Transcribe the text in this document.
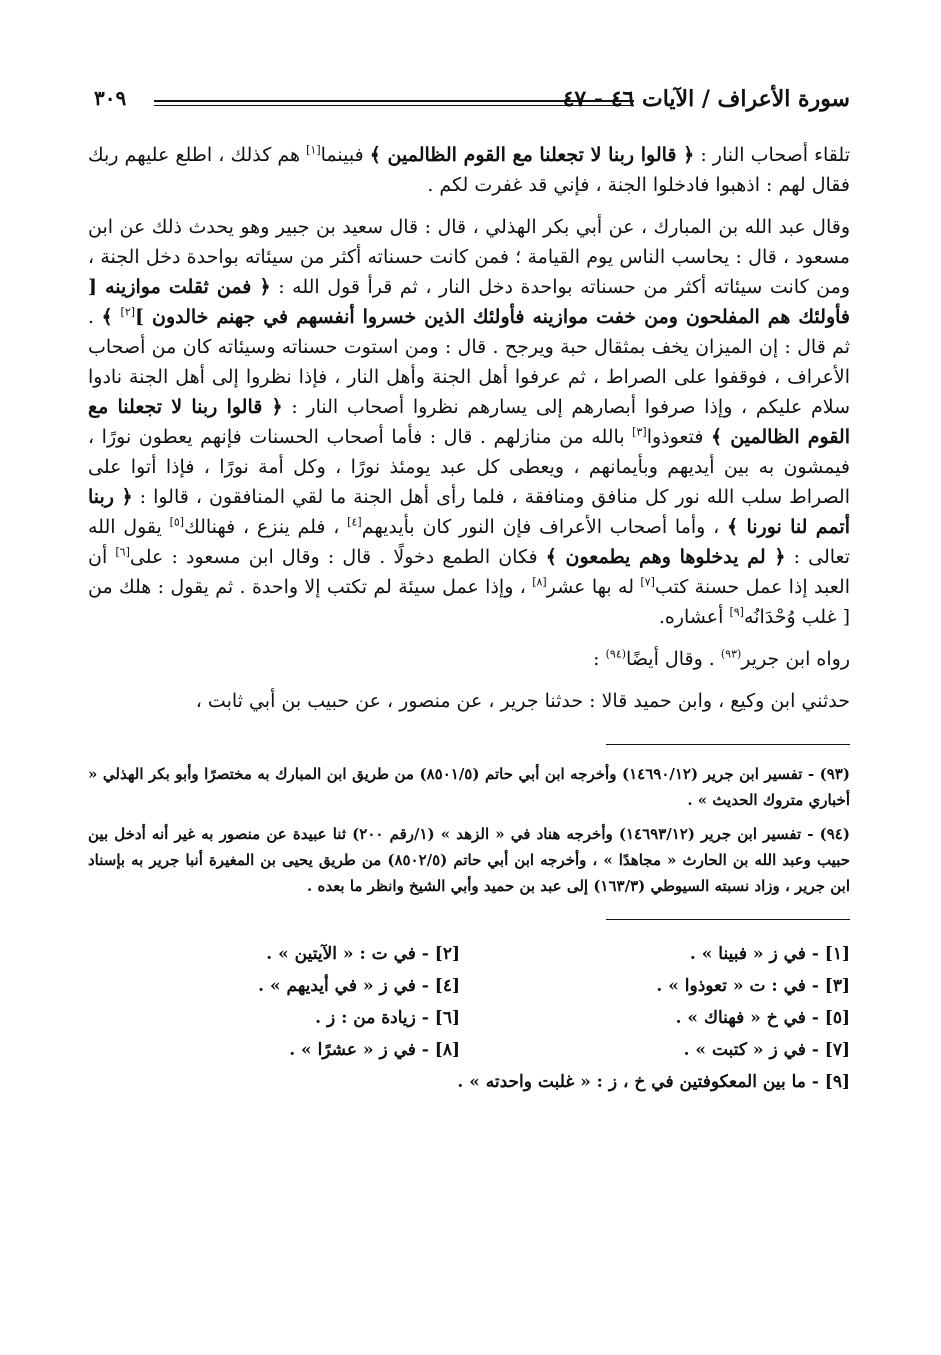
سورة الأعراف / الآيات ٤٦ - ٤٧
٣٠٩

تلقاء أصحاب النار : ﴿ قالوا ربنا لا تجعلنا مع القوم الظالمين ﴾ فبينما[١] هم كذلك ، اطلع عليهم ربك فقال لهم : اذهبوا فادخلوا الجنة ، فإني قد غفرت لكم .

وقال عبد الله بن المبارك ، عن أبي بكر الهذلي ، قال : قال سعيد بن جبير وهو يحدث ذلك عن ابن مسعود ، قال : يحاسب الناس يوم القيامة ؛ فمن كانت حسناته أكثر من سيئاته بواحدة دخل الجنة ، ومن كانت سيئاته أكثر من حسناته بواحدة دخل النار ، ثم قرأ قول الله : ﴿ فمن ثقلت موازينه [ فأولئك هم المفلحون ومن خفت موازينه فأولئك الذين خسروا أنفسهم في جهنم خالدون ][٢] ﴾ . ثم قال : إن الميزان يخف بمثقال حبة ويرجح . قال : ومن استوت حسناته وسيئاته كان من أصحاب الأعراف ، فوقفوا على الصراط ، ثم عرفوا أهل الجنة وأهل النار ، فإذا نظروا إلى أهل الجنة نادوا سلام عليكم ، وإذا صرفوا أبصارهم إلى يسارهم نظروا أصحاب النار : ﴿ قالوا ربنا لا تجعلنا مع القوم الظالمين ﴾ فتعوذوا[٣] بالله من منازلهم . قال : فأما أصحاب الحسنات فإنهم يعطون نورًا ، فيمشون به بين أيديهم وبأيمانهم ، ويعطى كل عبد يومئذ نورًا ، وكل أمة نورًا ، فإذا أتوا على الصراط سلب الله نور كل منافق ومنافقة ، فلما رأى أهل الجنة ما لقي المنافقون ، قالوا : ﴿ ربنا أتمم لنا نورنا ﴾ ، وأما أصحاب الأعراف فإن النور كان بأيديهم[٤] ، فلم ينزع ، فهنالك[٥] يقول الله تعالى : ﴿ لم يدخلوها وهم يطمعون ﴾ فكان الطمع دخولًا . قال : وقال ابن مسعود : على[٦] أن العبد إذا عمل حسنة كتب[٧] له بها عشر[٨] ، وإذا عمل سيئة لم تكتب إلا واحدة . ثم يقول : هلك من [ غلب وُحْدَانُه[٩] أعشاره.

رواه ابن جرير$^{(٩٣)}$ . وقال أيضًا$^{(٩٤)}$ :

حدثني ابن وكيع ، وابن حميد قالا : حدثنا جرير ، عن منصور ، عن حبيب بن أبي ثابت ،

(٩٣) - تفسير ابن جرير (١٤٦٩٠/١٢) وأخرجه ابن أبي حاتم (٨٥٠١/٥) من طريق ابن المبارك به مختصرًا وأبو بكر الهذلي « أخباري متروك الحديث » .

(٩٤) - تفسير ابن جرير (١٤٦٩٣/١٢) وأخرجه هناد في « الزهد » (١/رقم ٢٠٠) ثنا عبيدة عن منصور به غير أنه أدخل بين حبيب وعبد الله بن الحارث « مجاهدًا » ، وأخرجه ابن أبي حاتم (٨٥٠٢/٥) من طريق يحيى بن المغيرة أنبا جرير به بإسناد ابن جرير ، وزاد نسبته السيوطي (١٦٣/٣) إلى عبد بن حميد وأبي الشيخ وانظر ما بعده .

[١] - في ز « فبينا » .
[٢] - في ت : « الآيتين » .
[٣] - في : ت « تعوذوا » .
[٤] - في ز « في أيديهم » .
[٥] - في خ « فهناك » .
[٦] - زيادة من : ز .
[٧] - في ز « كتبت » .
[٨] - في ز « عشرًا » .
[٩] - ما بين المعكوفتين في خ ، ز : « غلبت واحدته » .
